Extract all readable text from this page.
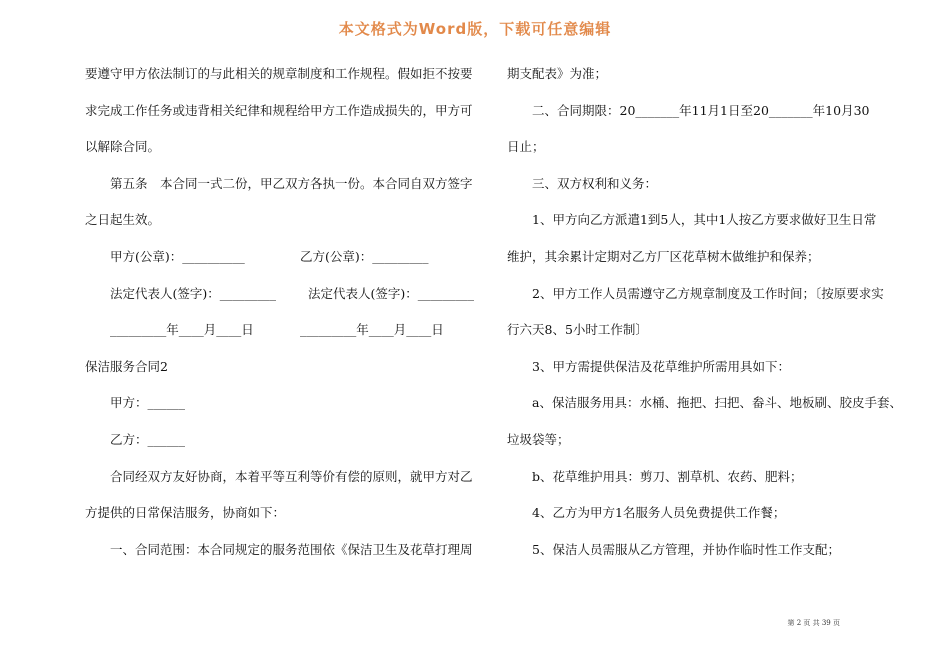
本文格式为Word版，下载可任意编辑
要遵守甲方依法制订的与此相关的规章制度和工作规程。假如拒不按要
求完成工作任务或违背相关纪律和规程给甲方工作造成损失的，甲方可
以解除合同。
第五条　本合同一式二份，甲乙双方各执一份。本合同自双方签字
之日起生效。
甲方(公章)：__________	乙方(公章)：_________
法定代表人(签字)：_________	法定代表人(签字)：_________
_________年____月____日	_________年____月____日
保洁服务合同2
甲方：______
乙方：______
合同经双方友好协商，本着平等互利等价有偿的原则，就甲方对乙
方提供的日常保洁服务，协商如下：
一、合同范围：本合同规定的服务范围依《保洁卫生及花草打理周
期支配表》为准；
二、合同期限：20_______年11月1日至20_______年10月30
日止；
三、双方权利和义务：
1、甲方向乙方派遣1到5人，其中1人按乙方要求做好卫生日常
维护，其余累计定期对乙方厂区花草树木做维护和保养；
2、甲方工作人员需遵守乙方规章制度及工作时间；〔按原要求实
行六天8、5小时工作制〕
3、甲方需提供保洁及花草维护所需用具如下：
a、保洁服务用具：水桶、拖把、扫把、畚斗、地板刷、胶皮手套、
垃圾袋等；
b、花草维护用具：剪刀、割草机、农药、肥料；
4、乙方为甲方1名服务人员免费提供工作餐；
5、保洁人员需服从乙方管理，并协作临时性工作支配；
第 2 页 共 39 页
